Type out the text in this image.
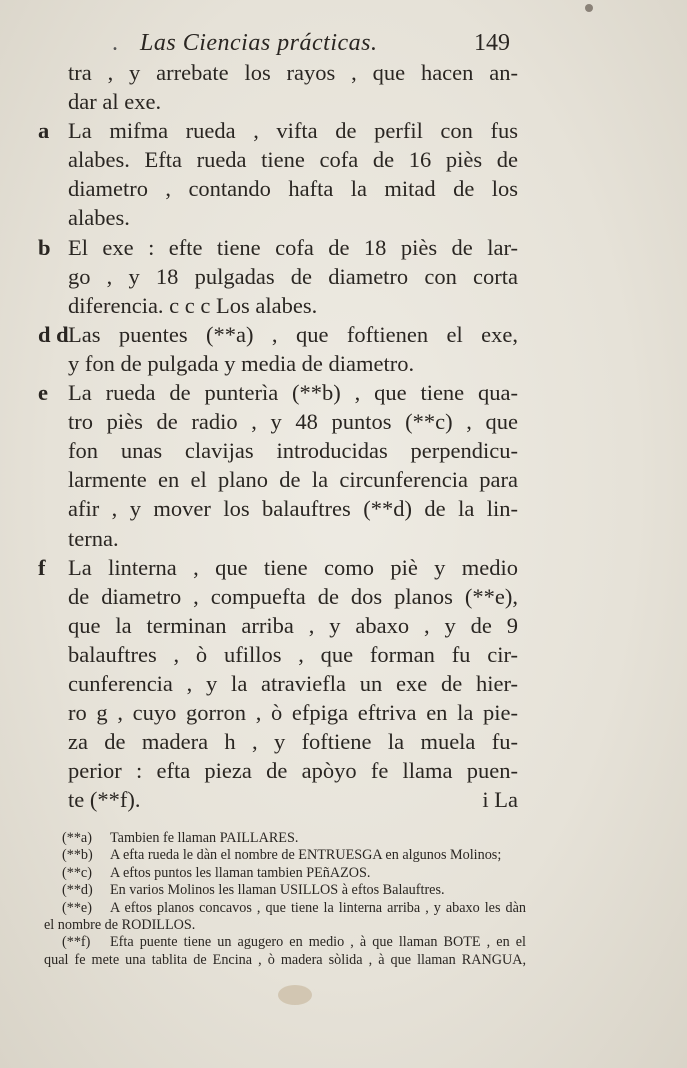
. Las Ciencias prácticas.	149
tra , y arrebate los rayos , que hacen an-
dar al exe.
a La mifma rueda , vifta de perfil con fus
alabes. Efta rueda tiene cofa de 16 piès de
diametro , contando hafta la mitad de los
alabes.
b El exe : efte tiene cofa de 18 piès de lar-
go , y 18 pulgadas de diametro con corta
diferencia. c c c Los alabes.
d d Las puentes (**a) , que foftienen el exe,
y fon de pulgada y media de diametro.
e La rueda de punterìa (**b) , que tiene qua-
tro piès de radio , y 48 puntos (**c) , que
fon unas clavijas introducidas perpendicu-
larmente en el plano de la circunferencia para
afir , y mover los balauftres (**d) de la lin-
terna.
f	La linterna , que tiene como piè y medio
de diametro , compuefta de dos planos (**e),
que la terminan arriba , y abaxo , y de 9
balauftres , ò ufillos , que forman fu cir-
cunferencia , y la atraviefla un exe de hier-
ro g , cuyo gorron , ò efpiga eftriva en la pie-
za de madera h , y foftiene la muela fu-
perior : efta pieza de apòyo fe llama puen-
te (**f).	i La
(**a)	Tambien fe llaman PAILLARES.
(**b)	A efta rueda le dàn el nombre de ENTRUESGA en algunos Molinos;
(**c)	A eftos puntos les llaman tambien PEñAZOS.
(**d)	En varios Molinos les llaman USILLOS à eftos Balauftres.
(**e)	A eftos planos concavos , que tiene la linterna arriba , y abaxo les dàn
el nombre de RODILLOS.
(**f)	Efta puente tiene un agugero en medio , à que llaman BOTE , en el
qual fe mete una tablita de Encina , ò madera sòlida , à que llaman RANGUA,
